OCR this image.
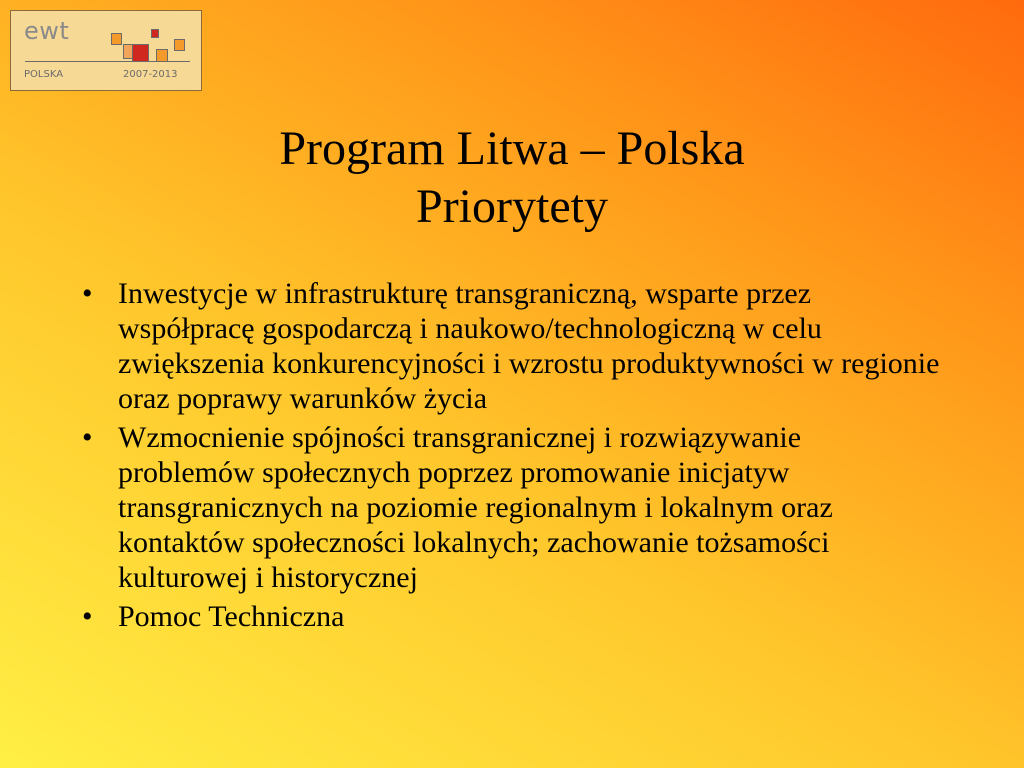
ewt
POLSKA	2007-2013
Program Litwa – Polska
Priorytety
• Inwestycje w infrastrukturę transgraniczną, wsparte przez współpracę gospodarczą i naukowo/technologiczną w celu zwiększenia konkurencyjności i wzrostu produktywności w regionie oraz poprawy warunków życia
• Wzmocnienie spójności transgranicznej i rozwiązywanie problemów społecznych poprzez promowanie inicjatyw transgranicznych na poziomie regionalnym i lokalnym oraz kontaktów społeczności lokalnych; zachowanie tożsamości kulturowej i historycznej
• Pomoc Techniczna
